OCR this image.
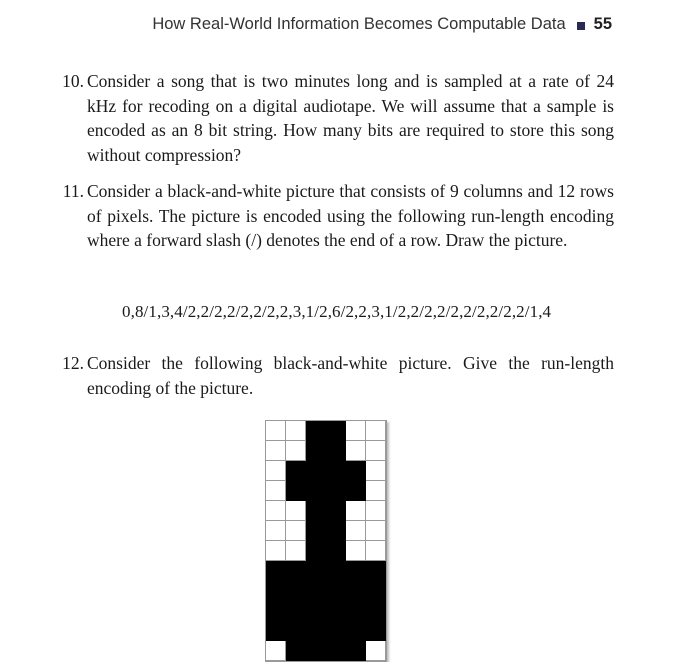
How Real-World Information Becomes Computable Data 55
10. Consider a song that is two minutes long and is sampled at a rate of 24 kHz for recoding on a digital audiotape. We will assume that a sample is encoded as an 8 bit string. How many bits are required to store this song without compression?
11. Consider a black-and-white picture that consists of 9 columns and 12 rows of pixels. The picture is encoded using the following run-length encoding where a forward slash (/) denotes the end of a row. Draw the picture.
0,8/1,3,4/2,2/2,2/2,2/2,2,3,1/2,6/2,2,3,1/2,2/2,2/2,2/2,2/2,2/1,4
12. Consider the following black-and-white picture. Give the run-length encoding of the picture.
